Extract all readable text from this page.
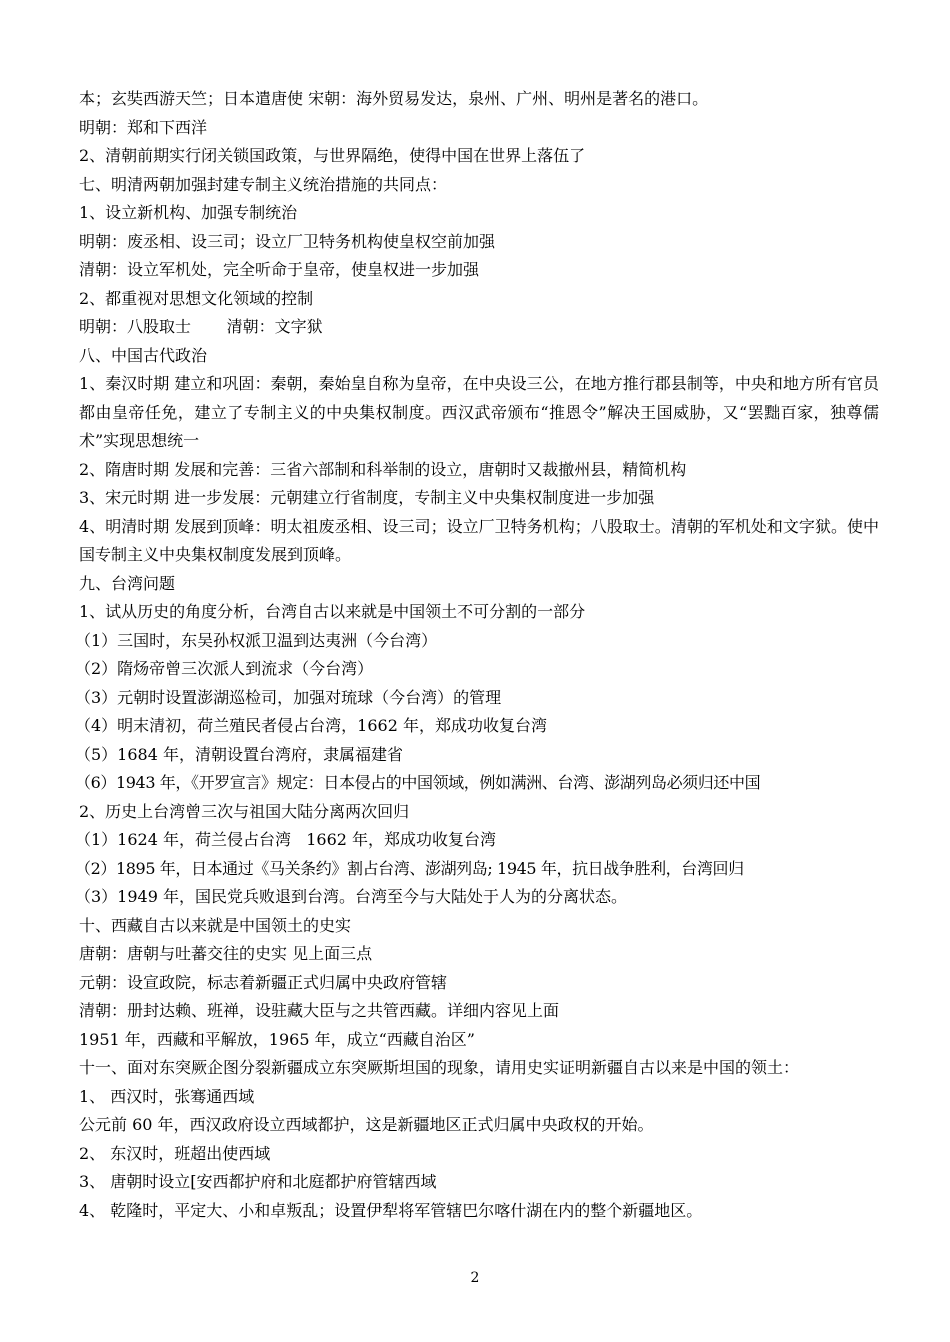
本；玄奘西游天竺；日本遣唐使 宋朝：海外贸易发达，泉州、广州、明州是著名的港口。
明朝：郑和下西洋
2、清朝前期实行闭关锁国政策，与世界隔绝，使得中国在世界上落伍了
七、明清两朝加强封建专制主义统治措施的共同点：
1、设立新机构、加强专制统治
明朝：废丞相、设三司；设立厂卫特务机构使皇权空前加强
清朝：设立军机处，完全听命于皇帝，使皇权进一步加强
2、都重视对思想文化领域的控制
明朝：八股取士       清朝：文字狱
八、中国古代政治
1、秦汉时期 建立和巩固：秦朝，秦始皇自称为皇帝，在中央设三公，在地方推行郡县制等，中央和地方所有官员都由皇帝任免，建立了专制主义的中央集权制度。西汉武帝颁布“推恩令”解决王国威胁，又“罢黜百家，独尊儒术”实现思想统一
2、隋唐时期 发展和完善：三省六部制和科举制的设立，唐朝时又裁撤州县，精简机构
3、宋元时期 进一步发展：元朝建立行省制度，专制主义中央集权制度进一步加强
4、明清时期 发展到顶峰：明太祖废丞相、设三司；设立厂卫特务机构；八股取士。清朝的军机处和文字狱。使中国专制主义中央集权制度发展到顶峰。
九、台湾问题
1、试从历史的角度分析，台湾自古以来就是中国领土不可分割的一部分
（1）三国时，东吴孙权派卫温到达夷洲（今台湾）
（2）隋炀帝曾三次派人到流求（今台湾）
（3）元朝时设置澎湖巡检司，加强对琉球（今台湾）的管理
（4）明末清初，荷兰殖民者侵占台湾，1662 年，郑成功收复台湾
（5）1684 年，清朝设置台湾府，隶属福建省
（6）1943 年，《开罗宣言》规定：日本侵占的中国领域，例如满洲、台湾、澎湖列岛必须归还中国
2、历史上台湾曾三次与祖国大陆分离两次回归
（1）1624 年，荷兰侵占台湾   1662 年，郑成功收复台湾
（2）1895 年，日本通过《马关条约》割占台湾、澎湖列岛; 1945 年，抗日战争胜利，台湾回归
（3）1949 年，国民党兵败退到台湾。台湾至今与大陆处于人为的分离状态。
十、西藏自古以来就是中国领土的史实
唐朝：唐朝与吐蕃交往的史实 见上面三点
元朝：设宣政院，标志着新疆正式归属中央政府管辖
清朝：册封达赖、班禅，设驻藏大臣与之共管西藏。详细内容见上面
1951 年，西藏和平解放，1965 年，成立“西藏自治区”
十一、面对东突厥企图分裂新疆成立东突厥斯坦国的现象，请用史实证明新疆自古以来是中国的领土：
1、 西汉时，张骞通西域
公元前 60 年，西汉政府设立西域都护，这是新疆地区正式归属中央政权的开始。
2、 东汉时，班超出使西域
3、 唐朝时设立[安西都护府和北庭都护府管辖西域
4、 乾隆时，平定大、小和卓叛乱；设置伊犁将军管辖巴尔喀什湖在内的整个新疆地区。
2
